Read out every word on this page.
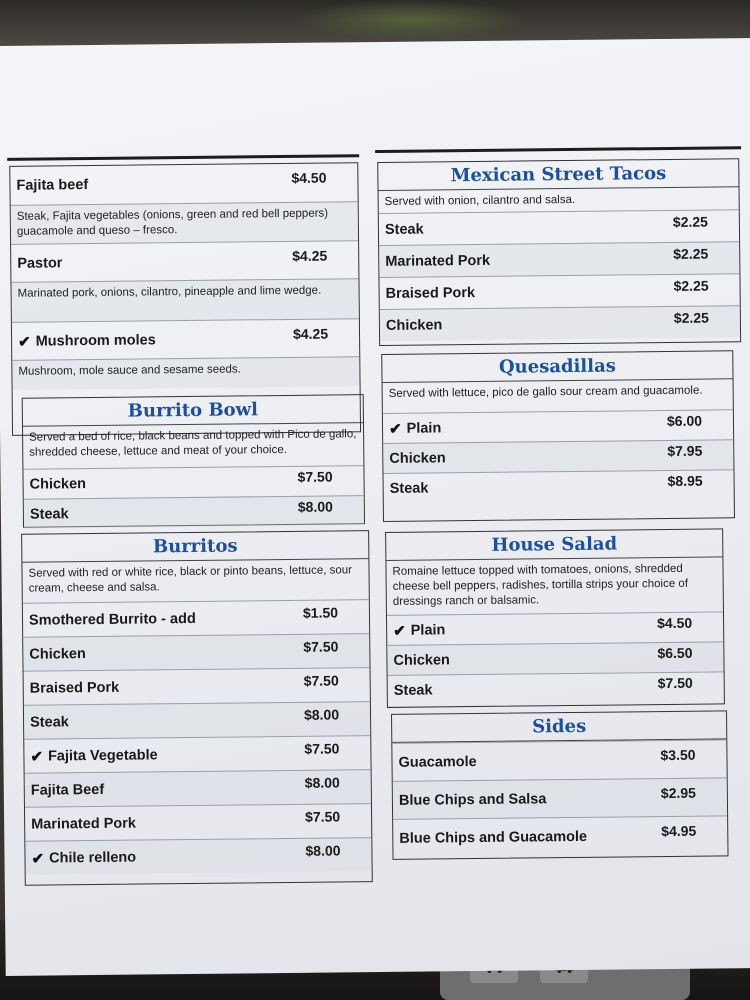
Fajita beef	$4.50
Steak, Fajita vegetables (onions, green and red bell peppers) guacamole and queso – fresco.
Pastor	$4.25
Marinated pork, onions, cilantro, pineapple and lime wedge.
✔ Mushroom moles	$4.25
Mushroom, mole sauce and sesame seeds.
Burrito Bowl
Served a bed of rice, black beans and topped with Pico de gallo, shredded cheese, lettuce and meat of your choice.
Chicken	$7.50
Steak	$8.00
Burritos
Served with red or white rice, black or pinto beans, lettuce, sour cream, cheese and salsa.
Smothered Burrito - add	$1.50
Chicken	$7.50
Braised Pork	$7.50
Steak	$8.00
✔ Fajita Vegetable	$7.50
Fajita Beef	$8.00
Marinated Pork	$7.50
✔ Chile relleno	$8.00
Mexican Street Tacos
Served with onion, cilantro and salsa.
Steak	$2.25
Marinated Pork	$2.25
Braised Pork	$2.25
Chicken	$2.25
Quesadillas
Served with lettuce, pico de gallo sour cream and guacamole.
✔ Plain	$6.00
Chicken	$7.95
Steak	$8.95
House Salad
Romaine lettuce topped with tomatoes, onions, shredded cheese bell peppers, radishes, tortilla strips your choice of dressings ranch or balsamic.
✔ Plain	$4.50
Chicken	$6.50
Steak	$7.50
Sides
Guacamole	$3.50
Blue Chips and Salsa	$2.95
Blue Chips and Guacamole	$4.95
